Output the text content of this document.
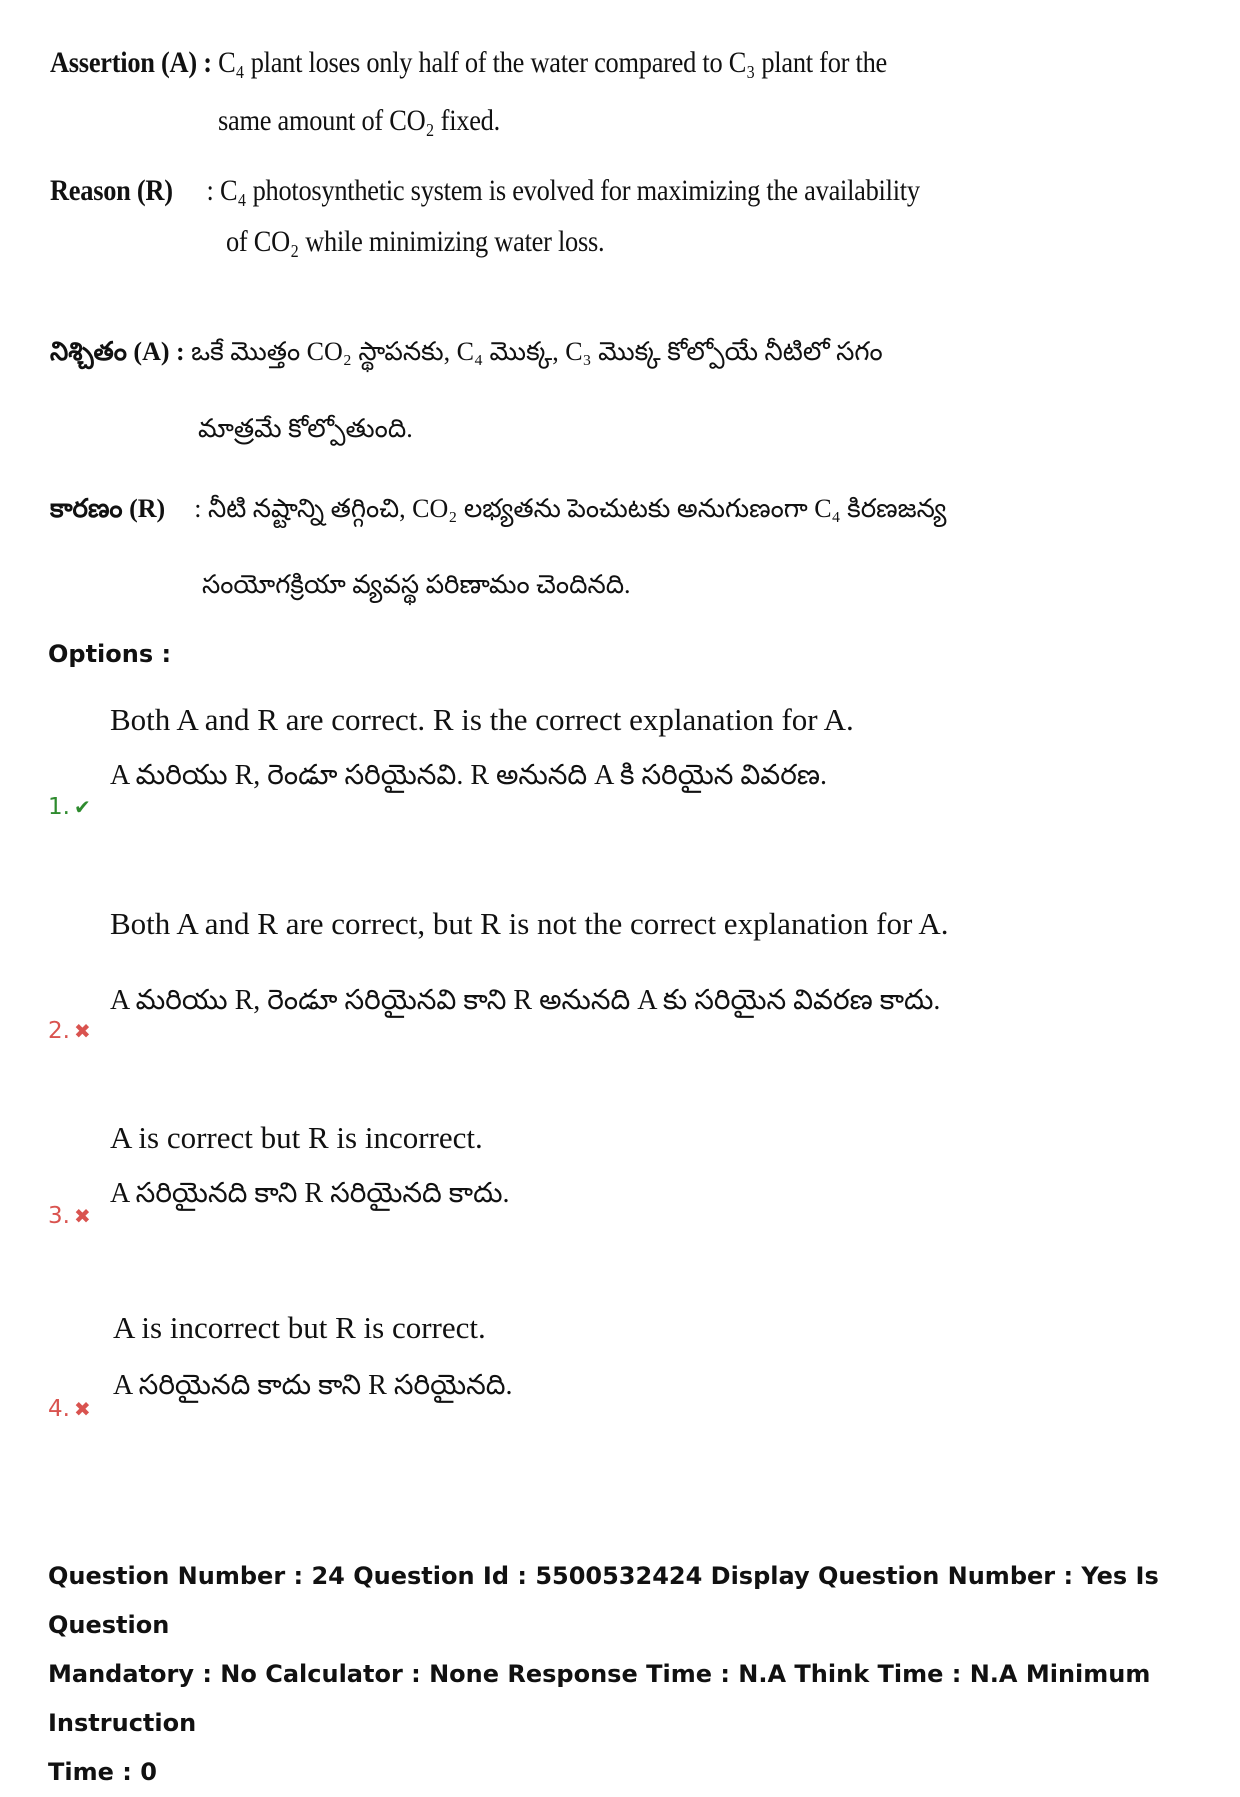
Assertion (A) : C₄ plant loses only half of the water compared to C₃ plant for the
same amount of CO₂ fixed.
Reason (R) : C₄ photosynthetic system is evolved for maximizing the availability
of CO₂ while minimizing water loss.
నిశ్చితం (A) : ఒకే మొత్తం CO₂ స్థాపనకు, C₄ మొక్క, C₃ మొక్క కోల్పోయే నీటిలో సగం
మాత్రమే కోల్పోతుంది.
కారణం (R) : నీటి నష్టాన్ని తగ్గించి, CO₂ లభ్యతను పెంచుటకు అనుగుణంగా C₄ కిరణజన్య
సంయోగక్రియా వ్యవస్థ పరిణామం చెందినది.
Options :
Both A and R are correct. R is the correct explanation for A.
A మరియు R, రెండూ సరియైనవి. R అనునది A కి సరియైన వివరణ.
1. ✔
Both A and R are correct, but R is not the correct explanation for A.
A మరియు R, రెండూ సరియైనవి కాని R అనునది A కు సరియైన వివరణ కాదు.
2. ✖
A is correct but R is incorrect.
A సరియైనది కాని R సరియైనది కాదు.
3. ✖
A is incorrect but R is correct.
A సరియైనది కాదు కాని R సరియైనది.
4. ✖
Question Number : 24 Question Id : 5500532424 Display Question Number : Yes Is Question
Mandatory : No Calculator : None Response Time : N.A Think Time : N.A Minimum Instruction
Time : 0
